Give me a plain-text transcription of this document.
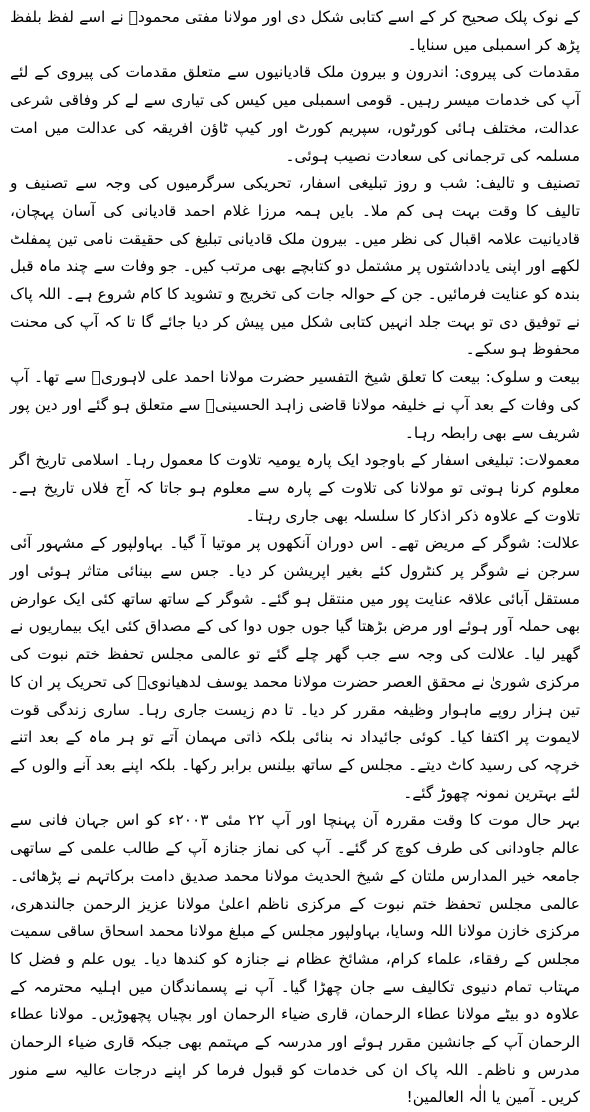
کے نوک پلک صحیح کر کے اسے کتابی شکل دی اور مولانا مفتی محمودؒ نے اسے لفظ بلفظ پڑھ کر اسمبلی میں سنایا۔

مقدمات کی پیروی: اندرون و بیرون ملک قادیانیوں سے متعلق مقدمات کی پیروی کے لئے آپ کی خدمات میسر رہیں۔ قومی اسمبلی میں کیس کی تیاری سے لے کر وفاقی شرعی عدالت، مختلف ہائی کورٹوں، سپریم کورٹ اور کیپ ٹاؤن افریقہ کی عدالت میں امت مسلمہ کی ترجمانی کی سعادت نصیب ہوئی۔

تصنیف و تالیف: شب و روز تبلیغی اسفار، تحریکی سرگرمیوں کی وجہ سے تصنیف و تالیف کا وقت بہت ہی کم ملا۔ بایں ہمہ مرزا غلام احمد قادیانی کی آسان پہچان، قادیانیت علامہ اقبال کی نظر میں۔ بیرون ملک قادیانی تبلیغ کی حقیقت نامی تین پمفلٹ لکھے اور اپنی یادداشتوں پر مشتمل دو کتابچے بھی مرتب کیں۔ جو وفات سے چند ماہ قبل بندہ کو عنایت فرمائیں۔ جن کے حوالہ جات کی تخریج و تشوید کا کام شروع ہے۔ اللہ پاک نے توفیق دی تو بہت جلد انہیں کتابی شکل میں پیش کر دیا جائے گا تا کہ آپ کی محنت محفوظ ہو سکے۔

بیعت و سلوک: بیعت کا تعلق شیخ التفسیر حضرت مولانا احمد علی لاہوریؒ سے تھا۔ آپ کی وفات کے بعد آپ نے خلیفہ مولانا قاضی زاہد الحسینیؒ سے متعلق ہو گئے اور دین پور شریف سے بھی رابطہ رہا۔

معمولات: تبلیغی اسفار کے باوجود ایک پارہ یومیہ تلاوت کا معمول رہا۔ اسلامی تاریخ اگر معلوم کرنا ہوتی تو مولانا کی تلاوت کے پارہ سے معلوم ہو جاتا کہ آج فلاں تاریخ ہے۔ تلاوت کے علاوہ ذکر اذکار کا سلسلہ بھی جاری رہتا۔

علالت: شوگر کے مریض تھے۔ اس دوران آنکھوں پر موتیا آ گیا۔ بہاولپور کے مشہور آئی سرجن نے شوگر پر کنٹرول کئے بغیر اپریشن کر دیا۔ جس سے بینائی متاثر ہوئی اور مستقل آبائی علاقہ عنایت پور میں منتقل ہو گئے۔ شوگر کے ساتھ ساتھ کئی ایک عوارض بھی حملہ آور ہوئے اور مرض بڑھتا گیا جوں جوں دوا کی کے مصداق کئی ایک بیماریوں نے گھیر لیا۔ علالت کی وجہ سے جب گھر چلے گئے تو عالمی مجلس تحفظ ختم نبوت کی مرکزی شوریٰ نے محقق العصر حضرت مولانا محمد یوسف لدھیانویؒ کی تحریک پر ان کا تین ہزار روپے ماہوار وظیفہ مقرر کر دیا۔ تا دم زیست جاری رہا۔ ساری زندگی قوت لایموت پر اکتفا کیا۔ کوئی جائیداد نہ بنائی بلکہ ذاتی مہمان آتے تو ہر ماہ کے بعد اتنے خرچہ کی رسید کاٹ دیتے۔ مجلس کے ساتھ بیلنس برابر رکھا۔ بلکہ اپنے بعد آنے والوں کے لئے بہترین نمونہ چھوڑ گئے۔

بہر حال موت کا وقت مقررہ آن پہنچا اور آپ ۲۲ مئی ۲۰۰۳ء کو اس جہان فانی سے عالم جاودانی کی طرف کوچ کر گئے۔ آپ کی نماز جنازہ آپ کے طالب علمی کے ساتھی جامعہ خیر المدارس ملتان کے شیخ الحدیث مولانا محمد صدیق دامت برکاتہم نے پڑھائی۔ عالمی مجلس تحفظ ختم نبوت کے مرکزی ناظم اعلیٰ مولانا عزیز الرحمن جالندھری، مرکزی خازن مولانا اللہ وسایا، بہاولپور مجلس کے مبلغ مولانا محمد اسحاق ساقی سمیت مجلس کے رفقاء، علماء کرام، مشائخ عظام نے جنازہ کو کندھا دیا۔ یوں علم و فضل کا مہتاب تمام دنیوی تکالیف سے جان چھڑا گیا۔ آپ نے پسماندگان میں اہلیہ محترمہ کے علاوہ دو بیٹے مولانا عطاء الرحمان، قاری ضیاء الرحمان اور بچیاں پچھوڑیں۔ مولانا عطاء الرحمان آپ کے جانشین مقرر ہوئے اور مدرسہ کے مہتمم بھی جبکہ قاری ضیاء الرحمان مدرس و ناظم۔ اللہ پاک ان کی خدمات کو قبول فرما کر اپنے درجات عالیہ سے منور کریں۔ آمین یا الٰہ العالمین!
